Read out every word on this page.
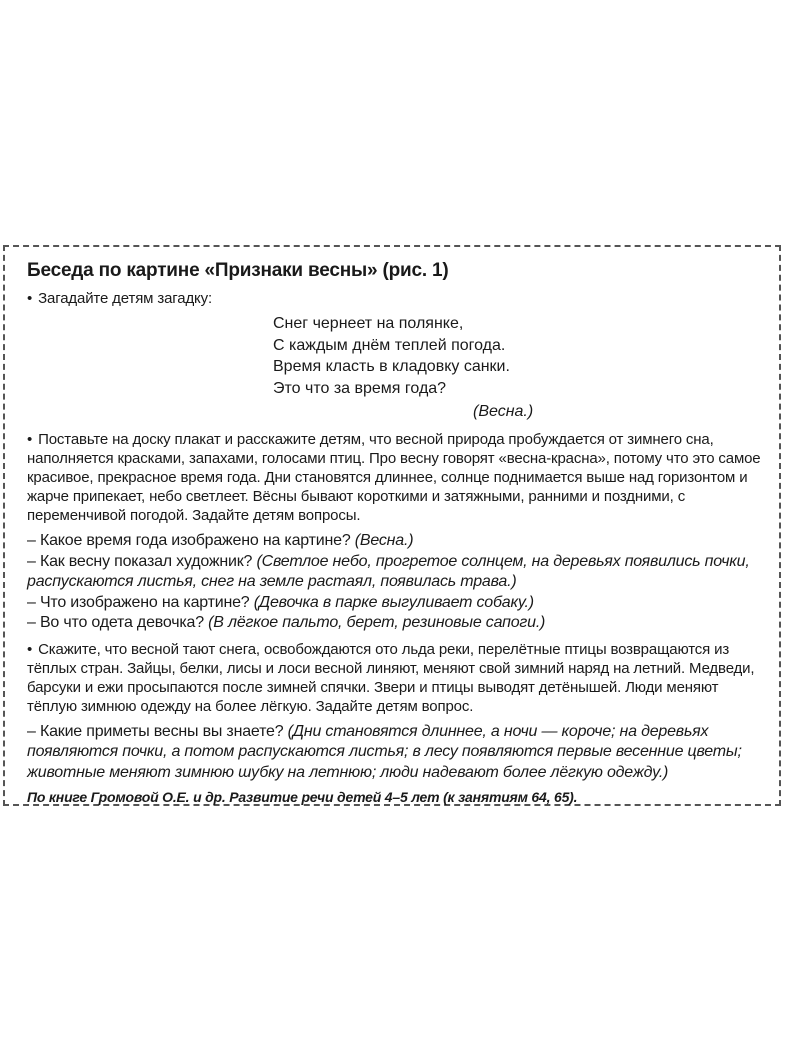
Беседа по картине «Признаки весны» (рис. 1)
• Загадайте детям загадку:
Снег чернеет на полянке,
С каждым днём теплей погода.
Время класть в кладовку санки.
Это что за время года?
(Весна.)
• Поставьте на доску плакат и расскажите детям, что весной природа пробуждается от зимнего сна, наполняется красками, запахами, голосами птиц. Про весну говорят «весна-красна», потому что это самое красивое, прекрасное время года. Дни становятся длиннее, солнце поднимается выше над горизонтом и жарче припекает, небо светлеет. Вёсны бывают короткими и затяжными, ранними и поздними, с переменчивой погодой. Задайте детям вопросы.

– Какое время года изображено на картине? (Весна.)

– Как весну показал художник? (Светлое небо, прогретое солнцем, на деревьях появились почки, распускаются листья, снег на земле растаял, появилась трава.)

– Что изображено на картине? (Девочка в парке выгуливает собаку.)

– Во что одета девочка? (В лёгкое пальто, берет, резиновые сапоги.)

• Скажите, что весной тают снега, освобождаются ото льда реки, перелётные птицы возвращаются из тёплых стран. Зайцы, белки, лисы и лоси весной линяют, меняют свой зимний наряд на летний. Медведи, барсуки и ежи просыпаются после зимней спячки. Звери и птицы выводят детёнышей. Люди меняют тёплую зимнюю одежду на более лёгкую. Задайте детям вопрос.

– Какие приметы весны вы знаете? (Дни становятся длиннее, а ночи — короче; на деревьях появляются почки, а потом распускаются листья; в лесу появляются первые весенние цветы; животные меняют зимнюю шубку на летнюю; люди надевают более лёгкую одежду.)

По книге Громовой О.Е. и др. Развитие речи детей 4–5 лет (к занятиям 64, 65).
